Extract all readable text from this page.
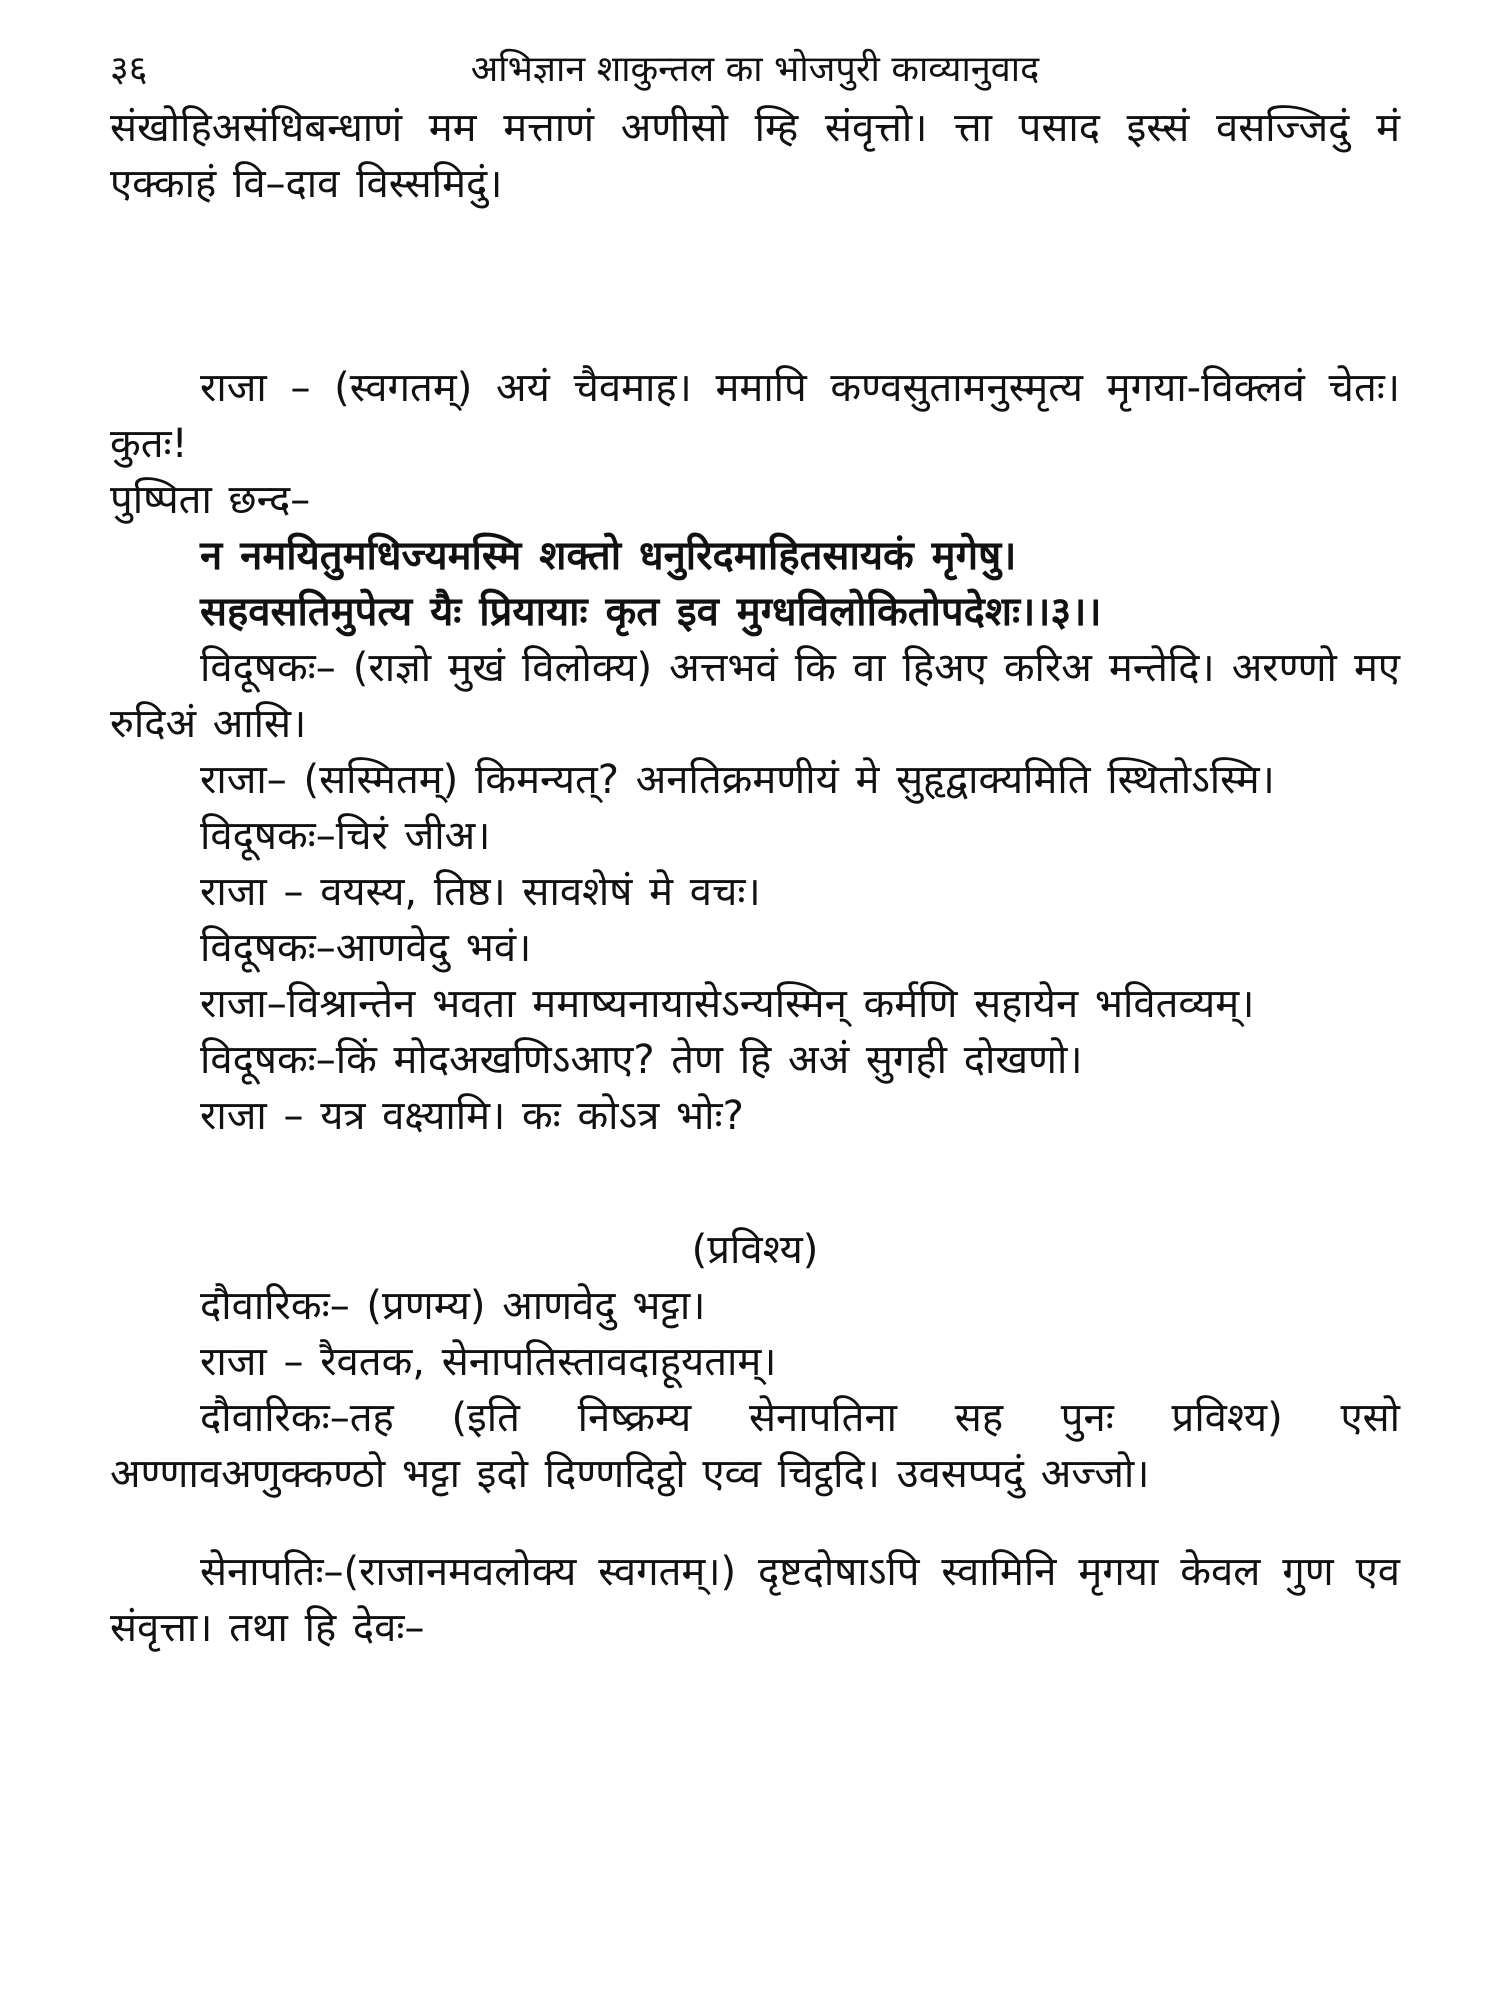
३६	अभिज्ञान शाकुन्तल का भोजपुरी काव्यानुवाद

संखोहिअसंधिबन्धाणं मम मत्ताणं अणीसो म्हि संवृत्तो। त्ता पसाद इस्सं वसज्जिदुं मं एक्काहं वि–दाव विस्समिदुं।

राजा – (स्वगतम्) अयं चैवमाह। ममापि कण्वसुतामनुस्मृत्य मृगया-विक्लवं चेतः। कुतः!

पुष्पिता छन्द–

न नमयितुमधिज्यमस्मि शक्तो धनुरिदमाहितसायकं मृगेषु।

सहवसतिमुपेत्य यैः प्रियायाः कृत इव मुग्धविलोकितोपदेशः।।३।।

विदूषकः– (राज्ञो मुखं विलोक्य) अत्तभवं कि वा हिअए करिअ मन्तेदि। अरण्णो मए रुदिअं आसि।

राजा– (सस्मितम्) किमन्यत्? अनतिक्रमणीयं मे सुहृद्वाक्यमिति स्थितोऽस्मि।

विदूषकः–चिरं जीअ।

राजा – वयस्य, तिष्ठ। सावशेषं मे वचः।

विदूषकः–आणवेदु भवं।

राजा–विश्रान्तेन भवता ममाष्यनायासेऽन्यस्मिन् कर्मणि सहायेन भवितव्यम्।

विदूषकः–किं मोदअखणिऽआए? तेण हि अअं सुगही दोखणो।

राजा – यत्र वक्ष्यामि। कः कोऽत्र भोः?

(प्रविश्य)

दौवारिकः– (प्रणम्य) आणवेदु भट्टा।

राजा – रैवतक, सेनापतिस्तावदाहूयताम्।

दौवारिकः–तह (इति निष्क्रम्य सेनापतिना सह पुनः प्रविश्य) एसो अण्णावअणुक्कण्ठो भट्टा इदो दिण्णदिट्ठो एव्व चिट्ठदि। उवसप्पदुं अज्जो।

सेनापतिः–(राजानमवलोक्य स्वगतम्।) दृष्टदोषाऽपि स्वामिनि मृगया केवल गुण एव संवृत्ता। तथा हि देवः–
